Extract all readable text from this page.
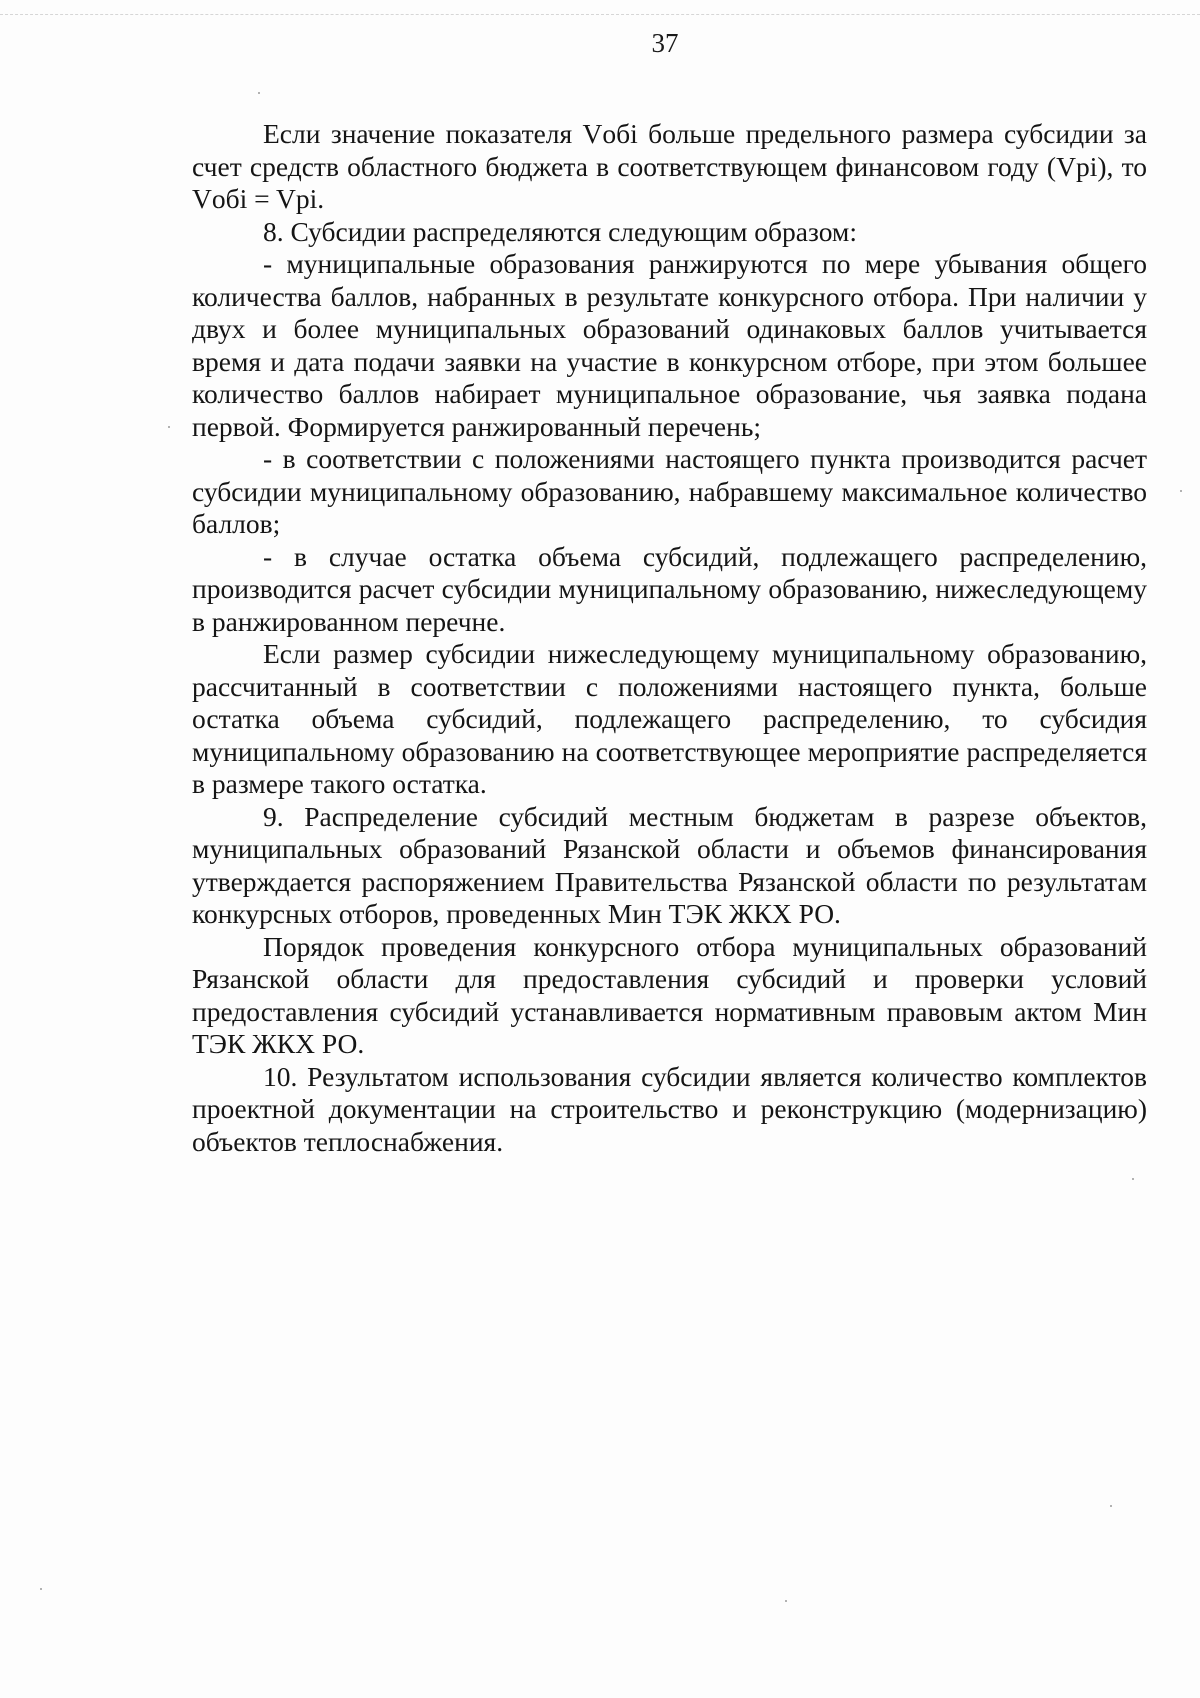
37

Если значение показателя Vобi больше предельного размера субсидии за счет средств областного бюджета в соответствующем финансовом году (Vpi), то Vобi = Vpi.

8. Субсидии распределяются следующим образом:

- муниципальные образования ранжируются по мере убывания общего количества баллов, набранных в результате конкурсного отбора. При наличии у двух и более муниципальных образований одинаковых баллов учитывается время и дата подачи заявки на участие в конкурсном отборе, при этом большее количество баллов набирает муниципальное образование, чья заявка подана первой. Формируется ранжированный перечень;

- в соответствии с положениями настоящего пункта производится расчет субсидии муниципальному образованию, набравшему максимальное количество баллов;

- в случае остатка объема субсидий, подлежащего распределению, производится расчет субсидии муниципальному образованию, нижеследующему в ранжированном перечне.

Если размер субсидии нижеследующему муниципальному образованию, рассчитанный в соответствии с положениями настоящего пункта, больше остатка объема субсидий, подлежащего распределению, то субсидия муниципальному образованию на соответствующее мероприятие распределяется в размере такого остатка.

9. Распределение субсидий местным бюджетам в разрезе объектов, муниципальных образований Рязанской области и объемов финансирования утверждается распоряжением Правительства Рязанской области по результатам конкурсных отборов, проведенных Мин ТЭК ЖКХ РО.

Порядок проведения конкурсного отбора муниципальных образований Рязанской области для предоставления субсидий и проверки условий предоставления субсидий устанавливается нормативным правовым актом Мин ТЭК ЖКХ РО.

10. Результатом использования субсидии является количество комплектов проектной документации на строительство и реконструкцию (модернизацию) объектов теплоснабжения.
